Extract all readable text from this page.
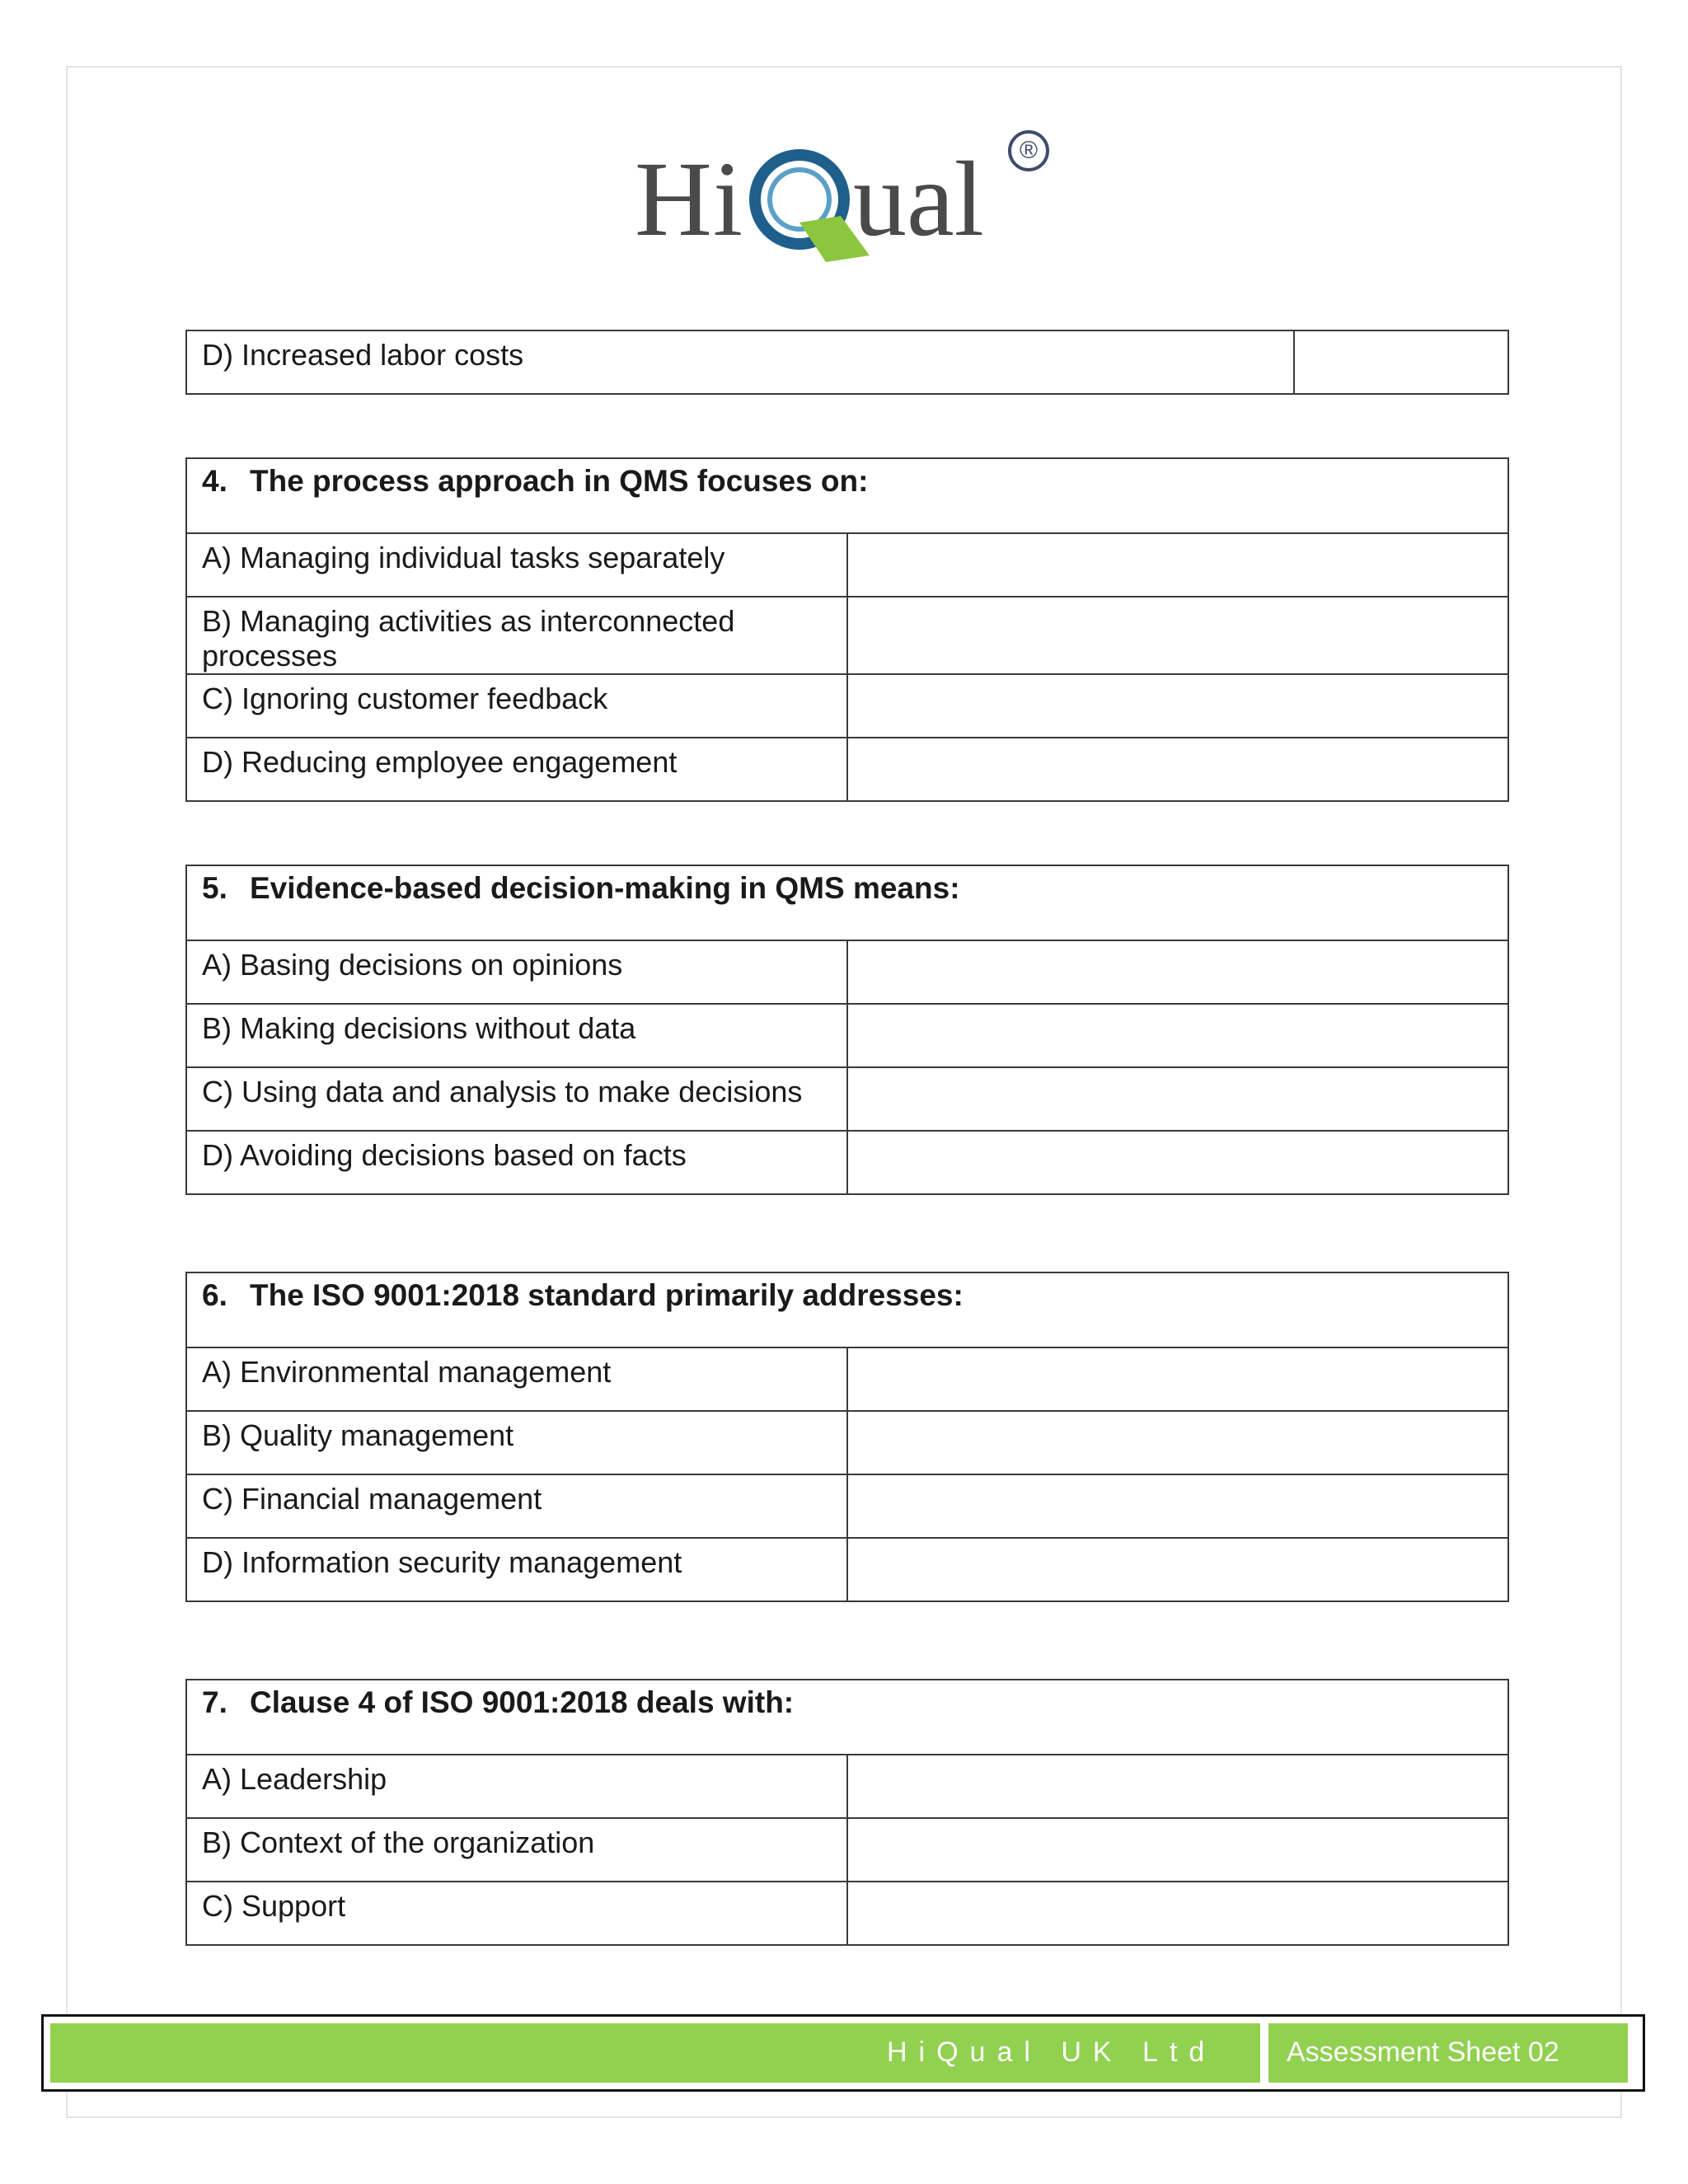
H i ual	®
D) Increased labor costs	
4. The process approach in QMS focuses on:	
A) Managing individual tasks separately	
B) Managing activities as interconnected processes	
C) Ignoring customer feedback	
D) Reducing employee engagement	
5. Evidence-based decision-making in QMS means:	
A) Basing decisions on opinions	
B) Making decisions without data	
C) Using data and analysis to make decisions	
D) Avoiding decisions based on facts	
6. The ISO 9001:2018 standard primarily addresses:	
A) Environmental management	
B) Quality management	
C) Financial management	
D) Information security management	
7. Clause 4 of ISO 9001:2018 deals with:	
A) Leadership	
B) Context of the organization	
C) Support	
HiQual UK Ltd	Assessment Sheet 02
